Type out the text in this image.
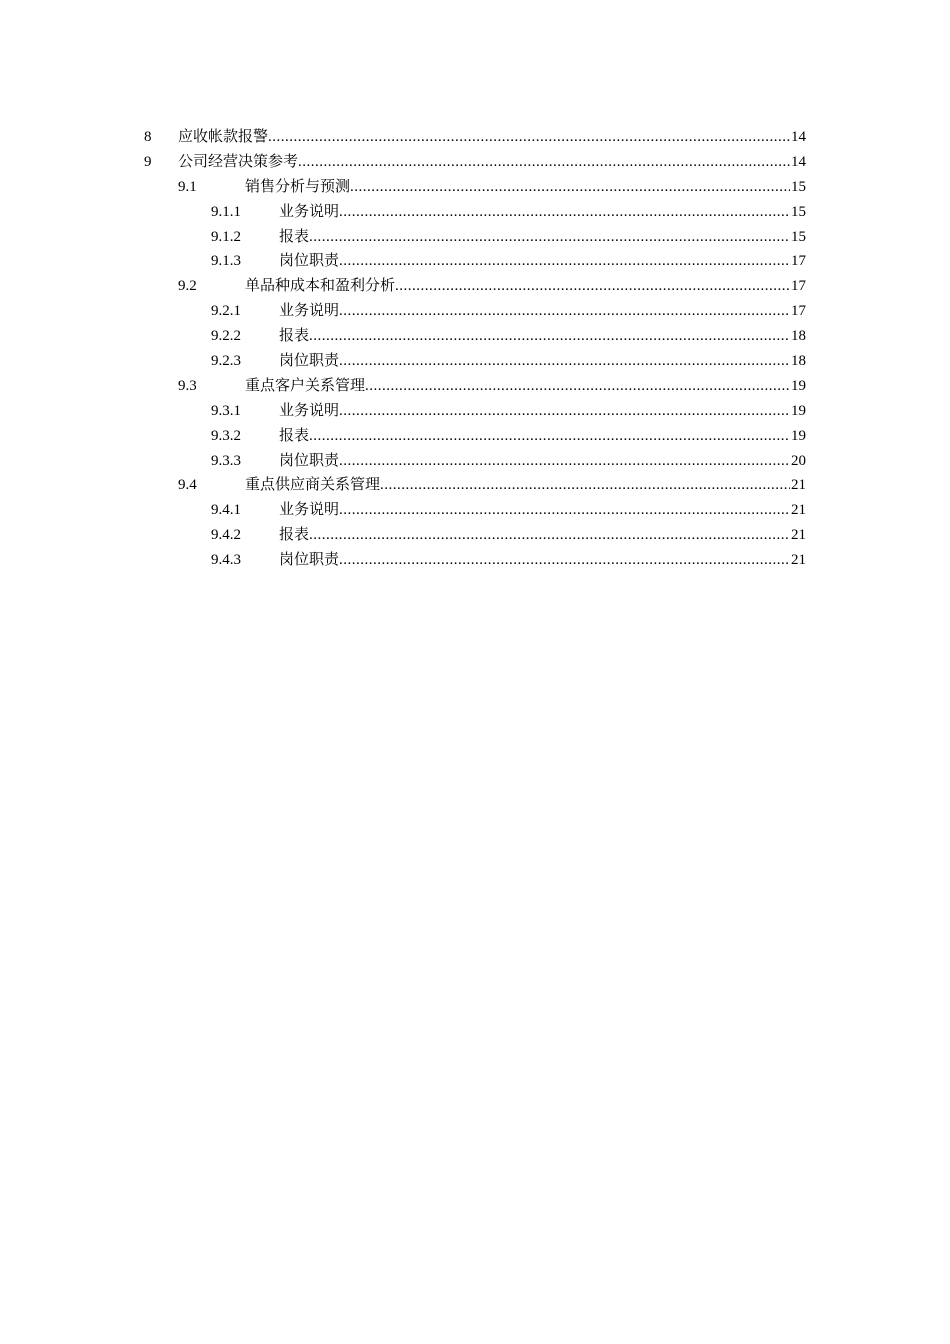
8 应收帐款报警 .....	14
9 公司经营决策参考 .....	14
9.1	销售分析与预测 .....	15
9.1.1	业务说明 .....	15
9.1.2	报表 .....	15
9.1.3	岗位职责 .....	17
9.2	单品种成本和盈利分析 .....	17
9.2.1	业务说明 .....	17
9.2.2	报表 .....	18
9.2.3	岗位职责 .....	18
9.3	重点客户关系管理 .....	19
9.3.1	业务说明 .....	19
9.3.2	报表 .....	19
9.3.3	岗位职责 .....	20
9.4	重点供应商关系管理 .....	21
9.4.1	业务说明 .....	21
9.4.2	报表 .....	21
9.4.3	岗位职责 .....	21
